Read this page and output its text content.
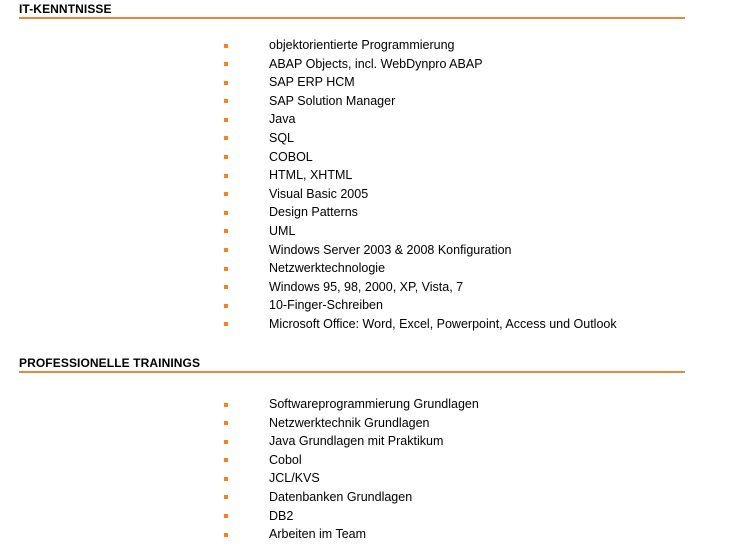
IT-KENNTNISSE
objektorientierte Programmierung
ABAP Objects, incl. WebDynpro ABAP
SAP ERP HCM
SAP Solution Manager
Java
SQL
COBOL
HTML, XHTML
Visual Basic 2005
Design Patterns
UML
Windows Server 2003 & 2008 Konfiguration
Netzwerktechnologie
Windows 95, 98, 2000, XP, Vista, 7
10-Finger-Schreiben
Microsoft Office: Word, Excel, Powerpoint, Access und Outlook
PROFESSIONELLE TRAININGS
Softwareprogrammierung Grundlagen
Netzwerktechnik Grundlagen
Java Grundlagen mit Praktikum
Cobol
JCL/KVS
Datenbanken Grundlagen
DB2
Arbeiten im Team
